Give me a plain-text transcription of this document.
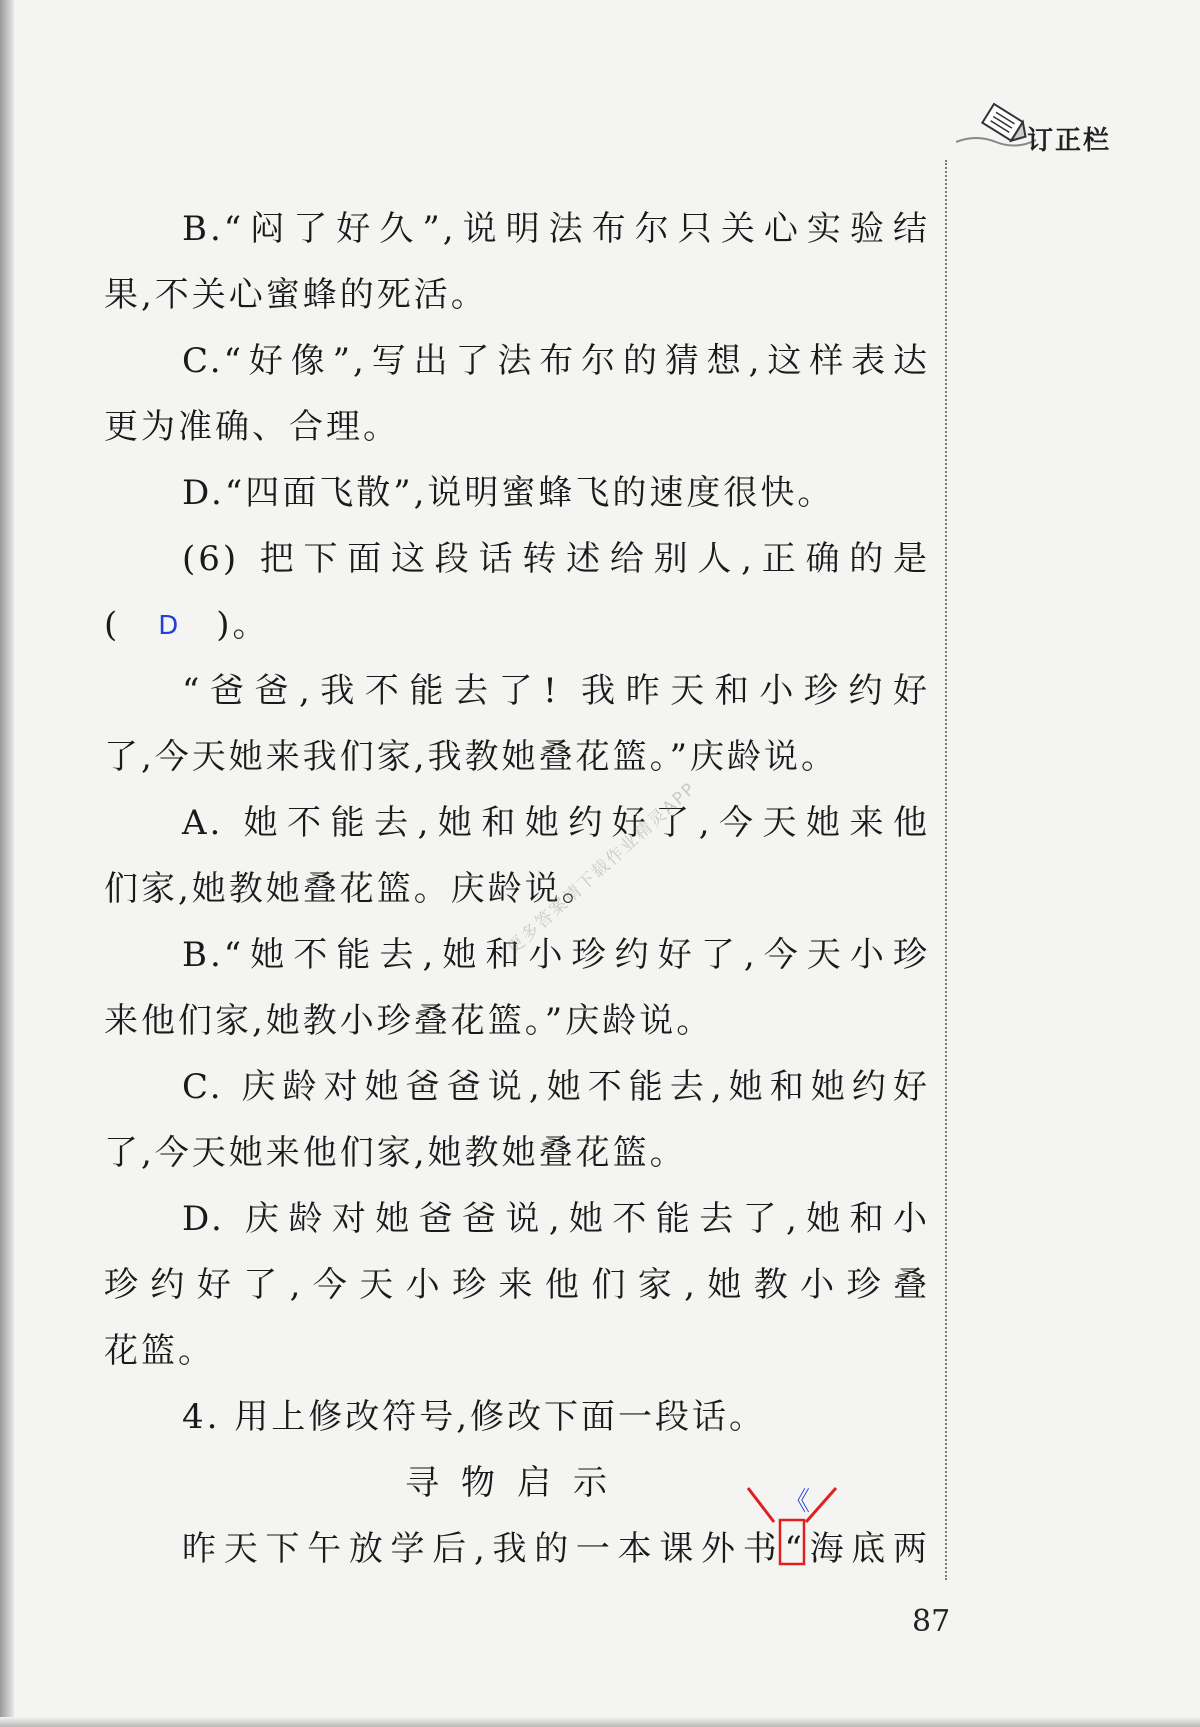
订正栏
B.“闷了好久”,说明法布尔只关心实验结
果,不关心蜜蜂的死活。
C.“好像”,写出了法布尔的猜想,这样表达
更为准确、合理。
D.“四面飞散”,说明蜜蜂飞的速度很快。
(6) 把下面这段话转述给别人,正确的是
( D )。
“爸爸,我不能去了! 我昨天和小珍约好
了,今天她来我们家,我教她叠花篮。”庆龄说。
A. 她不能去,她和她约好了,今天她来他
们家,她教她叠花篮。庆龄说。
B.“她不能去,她和小珍约好了,今天小珍
来他们家,她教小珍叠花篮。”庆龄说。
C. 庆龄对她爸爸说,她不能去,她和她约好
了,今天她来他们家,她教她叠花篮。
D. 庆龄对她爸爸说,她不能去了,她和小
珍约好了,今天小珍来他们家,她教小珍叠
花篮。
4. 用上修改符号,修改下面一段话。
寻物启示
昨天下午放学后,我的一本课外书“海底两
《
更多答案请下载作业精灵APP
87
